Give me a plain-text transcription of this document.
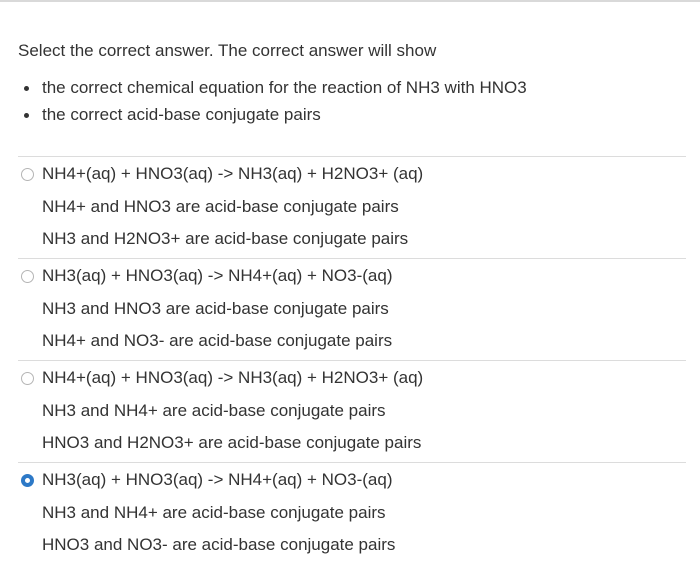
Select the correct answer. The correct answer will show
the correct chemical equation for the reaction of NH3 with HNO3
the correct acid-base conjugate pairs
NH4+(aq) + HNO3(aq) -> NH3(aq) + H2NO3+ (aq)
NH4+ and HNO3 are acid-base conjugate pairs
NH3 and H2NO3+ are acid-base conjugate pairs
NH3(aq) + HNO3(aq) -> NH4+(aq) + NO3-(aq)
NH3 and HNO3 are acid-base conjugate pairs
NH4+ and NO3- are acid-base conjugate pairs
NH4+(aq) + HNO3(aq) -> NH3(aq) + H2NO3+ (aq)
NH3 and NH4+ are acid-base conjugate pairs
HNO3 and H2NO3+ are acid-base conjugate pairs
NH3(aq) + HNO3(aq) -> NH4+(aq) + NO3-(aq)
NH3 and NH4+ are acid-base conjugate pairs
HNO3 and NO3- are acid-base conjugate pairs
